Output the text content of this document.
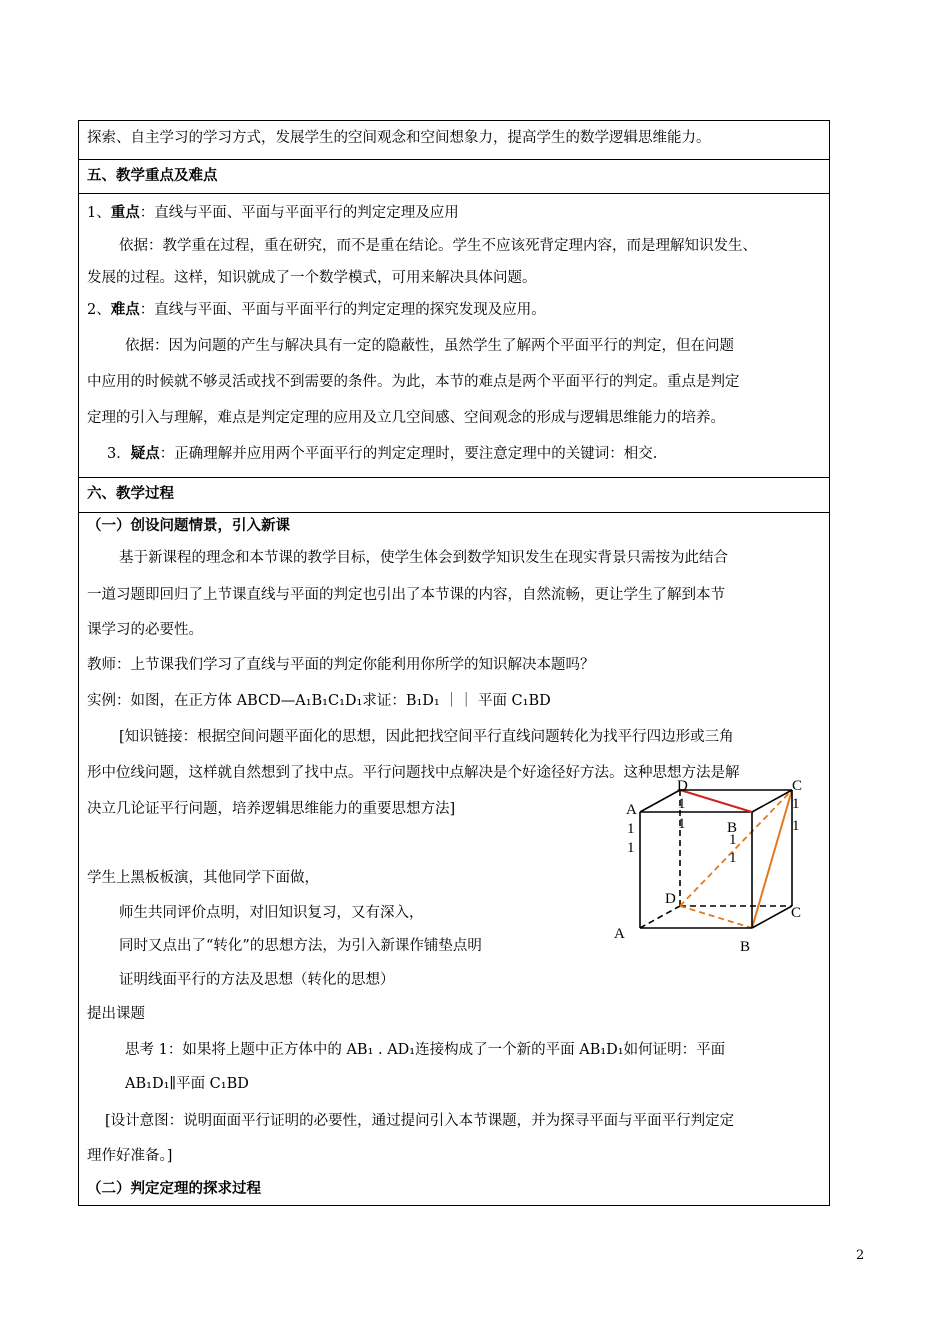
探索、自主学习的学习方式，发展学生的空间观念和空间想象力，提高学生的数学逻辑思维能力。
五、教学重点及难点
1、重点：直线与平面、平面与平面平行的判定定理及应用
依据：教学重在过程，重在研究，而不是重在结论。学生不应该死背定理内容，而是理解知识发生、
发展的过程。这样，知识就成了一个数学模式，可用来解决具体问题。
2、难点：直线与平面、平面与平面平行的判定定理的探究发现及应用。
依据：因为问题的产生与解决具有一定的隐蔽性，虽然学生了解两个平面平行的判定，但在问题
中应用的时候就不够灵活或找不到需要的条件。为此，本节的难点是两个平面平行的判定。重点是判定
定理的引入与理解，难点是判定定理的应用及立几空间感、空间观念的形成与逻辑思维能力的培养。
3．疑点：正确理解并应用两个平面平行的判定定理时，要注意定理中的关键词：相交.
六、教学过程
（一）创设问题情景，引入新课
基于新课程的理念和本节课的教学目标，使学生体会到数学知识发生在现实背景只需按为此结合
一道习题即回归了上节课直线与平面的判定也引出了本节课的内容，自然流畅，更让学生了解到本节
课学习的必要性。
教师：上节课我们学习了直线与平面的判定你能利用你所学的知识解决本题吗？
实例：如图，在正方体 ABCD—A₁B₁C₁D₁求证：B₁D₁ ｜｜ 平面 C₁BD
[知识链接：根据空间问题平面化的思想，因此把找空间平行直线问题转化为找平行四边形或三角
形中位线问题，这样就自然想到了找中点。平行问题找中点解决是个好途径好方法。这种思想方法是解
决立几论证平行问题，培养逻辑思维能力的重要思想方法]
学生上黑板板演，其他同学下面做，
师生共同评价点明，对旧知识复习，又有深入，
同时又点出了“转化”的思想方法，为引入新课作铺垫点明
证明线面平行的方法及思想（转化的思想）
提出课题
思考 1：如果将上题中正方体中的 AB₁ . AD₁连接构成了一个新的平面 AB₁D₁如何证明：平面
AB₁D₁∥平面 C₁BD
[设计意图：说明面面平行证明的必要性，通过提问引入本节课题，并为探寻平面与平面平行判定定
理作好准备。]
（二）判定定理的探求过程
A
1
1
D
1
1
C
1
1
B
1
1
D
C
A
B
2
